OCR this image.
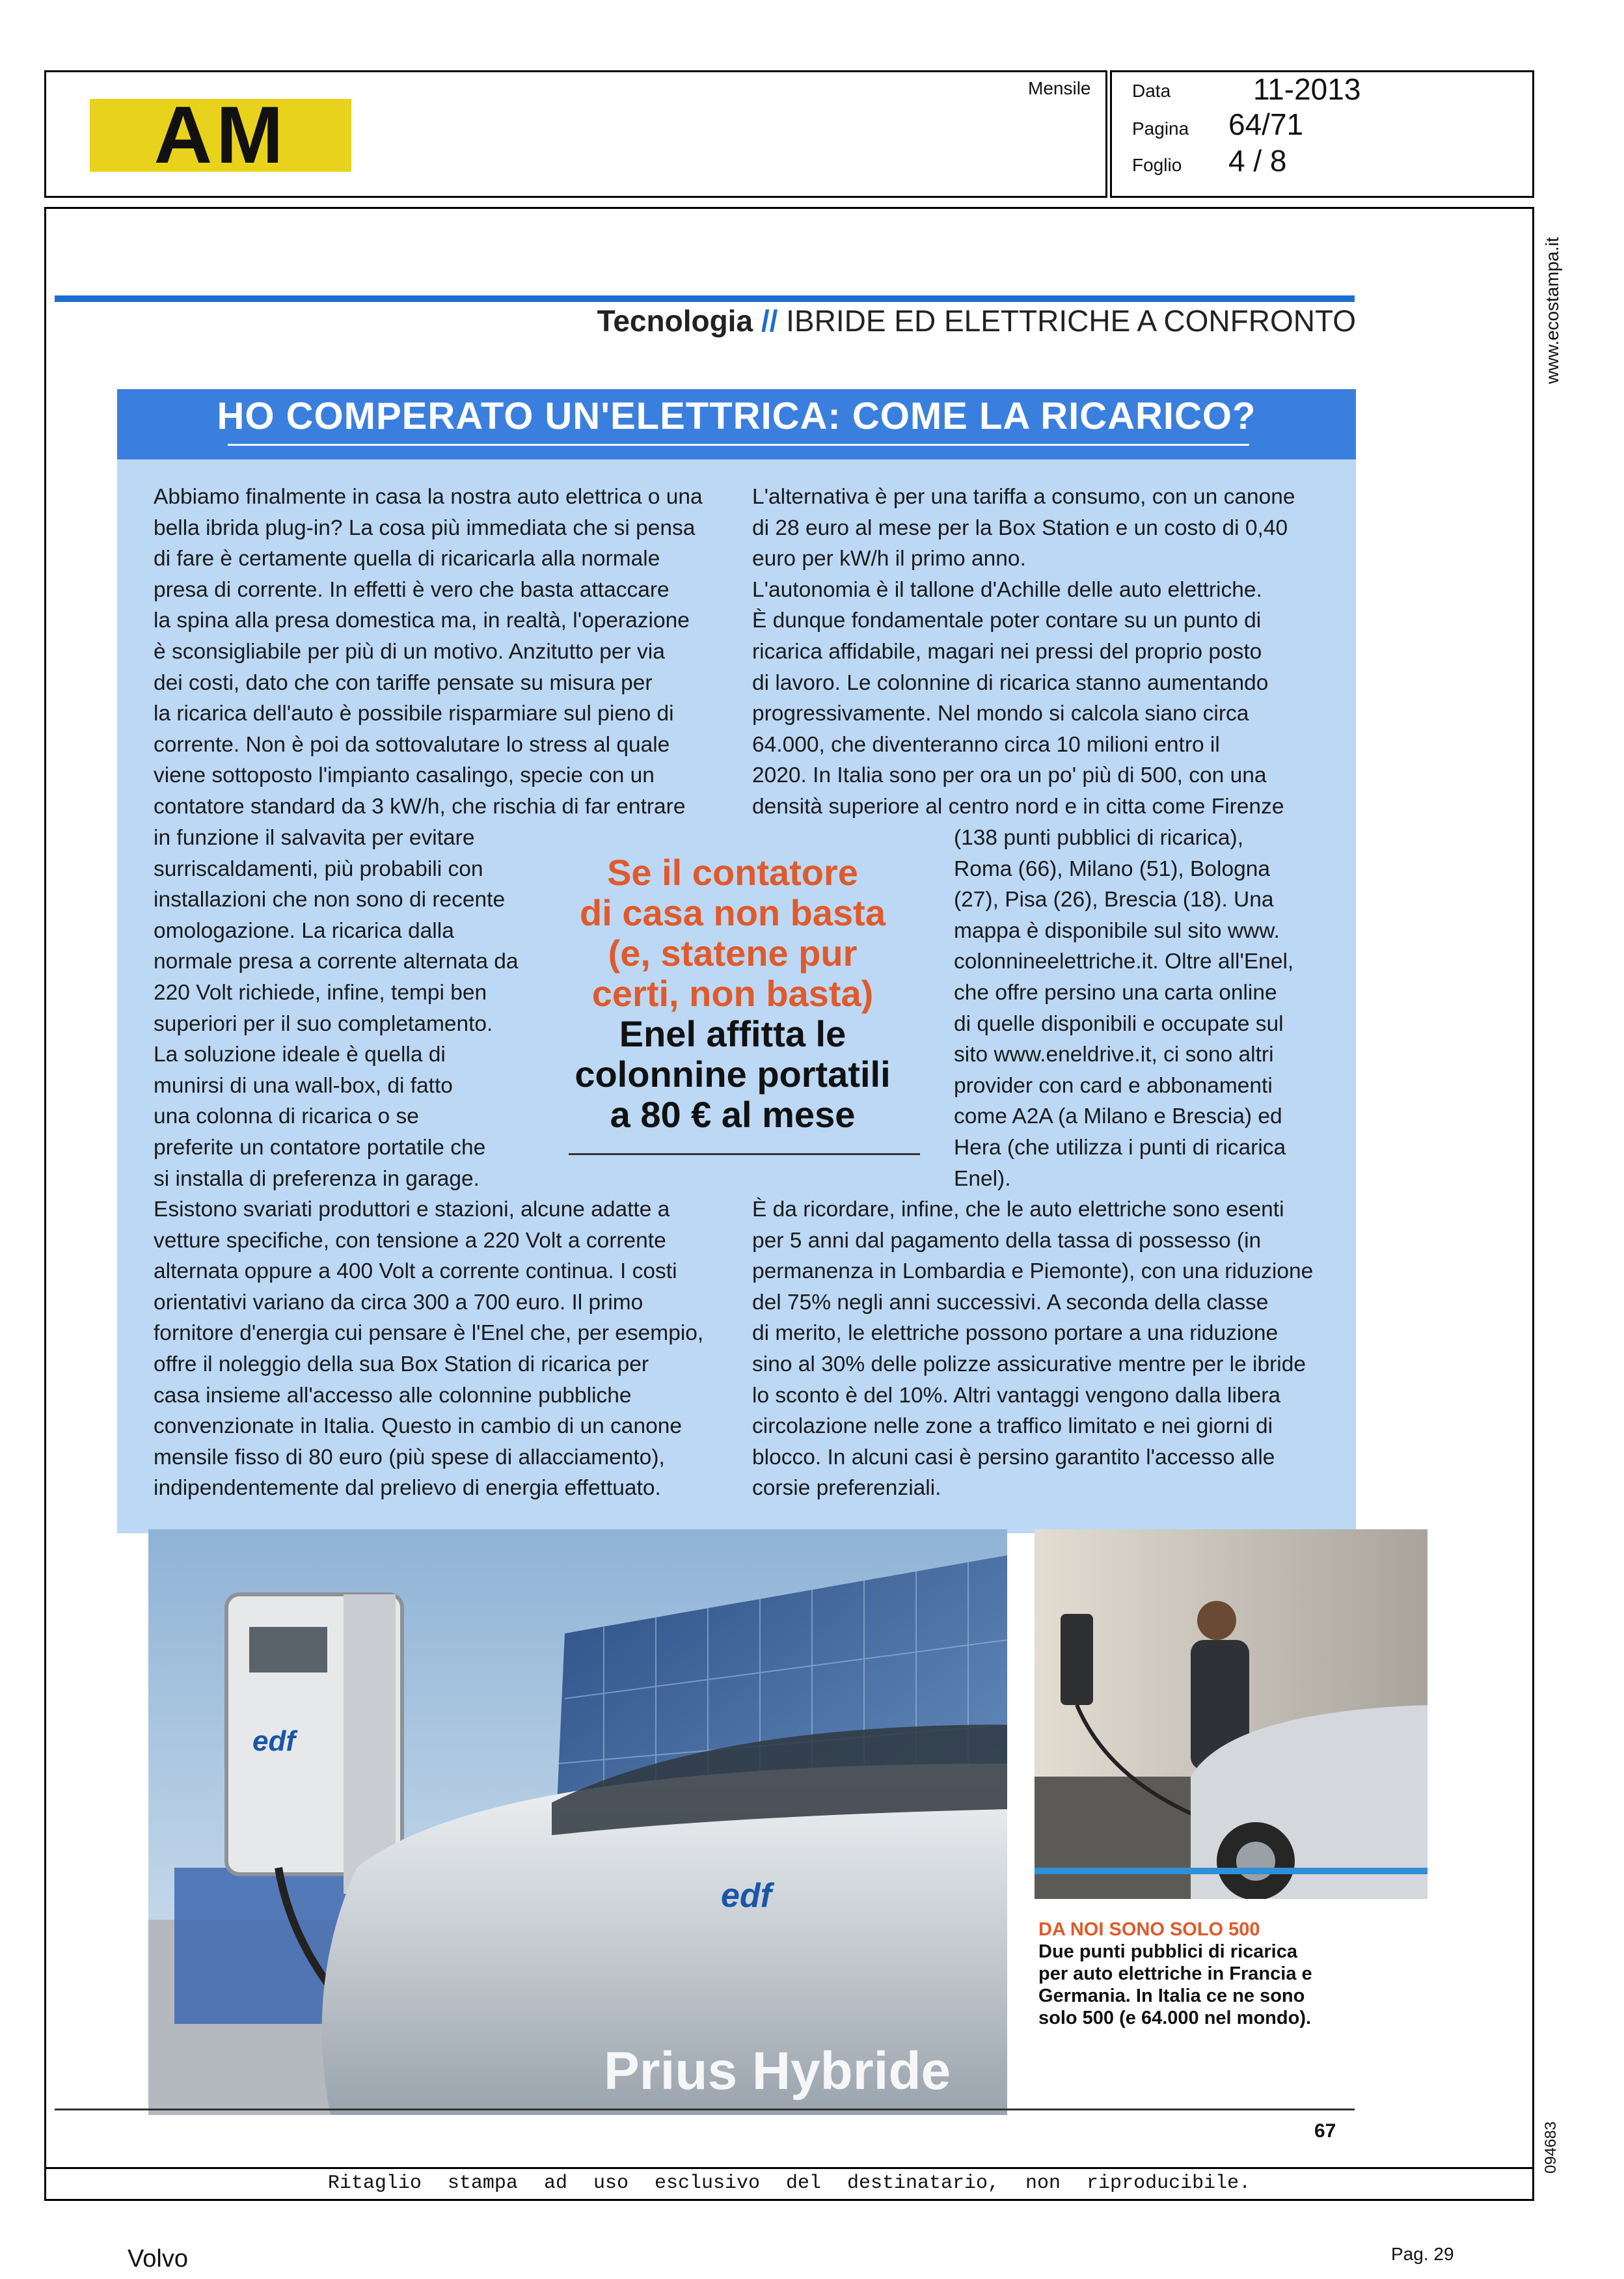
AM
Mensile Data	11-2013
Pagina 64/71
Foglio 4 / 8
www.ecostampa.it
094683
Tecnologia // IBRIDE ED ELETTRICHE A CONFRONTO
HO COMPERATO UN'ELETTRICA: COME LA RICARICO?
Abbiamo finalmente in casa la nostra auto elettrica o una
bella ibrida plug-in? La cosa più immediata che si pensa
di fare è certamente quella di ricaricarla alla normale
presa di corrente. In effetti è vero che basta attaccare
la spina alla presa domestica ma, in realtà, l'operazione
è sconsigliabile per più di un motivo. Anzitutto per via
dei costi, dato che con tariffe pensate su misura per
la ricarica dell'auto è possibile risparmiare sul pieno di
corrente. Non è poi da sottovalutare lo stress al quale
viene sottoposto l'impianto casalingo, specie con un
contatore standard da 3 kW/h, che rischia di far entrare
in funzione il salvavita per evitare
surriscaldamenti, più probabili con
installazioni che non sono di recente
omologazione. La ricarica dalla
normale presa a corrente alternata da
220 Volt richiede, infine, tempi ben
superiori per il suo completamento.
La soluzione ideale è quella di
munirsi di una wall-box, di fatto
una colonna di ricarica o se
preferite un contatore portatile che
si installa di preferenza in garage.
Esistono svariati produttori e stazioni, alcune adatte a
vetture specifiche, con tensione a 220 Volt a corrente
alternata oppure a 400 Volt a corrente continua. I costi
orientativi variano da circa 300 a 700 euro. Il primo
fornitore d'energia cui pensare è l'Enel che, per esempio,
offre il noleggio della sua Box Station di ricarica per
casa insieme all'accesso alle colonnine pubbliche
convenzionate in Italia. Questo in cambio di un canone
mensile fisso di 80 euro (più spese di allacciamento),
indipendentemente dal prelievo di energia effettuato.
L'alternativa è per una tariffa a consumo, con un canone
di 28 euro al mese per la Box Station e un costo di 0,40
euro per kW/h il primo anno.
L'autonomia è il tallone d'Achille delle auto elettriche.
È dunque fondamentale poter contare su un punto di
ricarica affidabile, magari nei pressi del proprio posto
di lavoro. Le colonnine di ricarica stanno aumentando
progressivamente. Nel mondo si calcola siano circa
64.000, che diventeranno circa 10 milioni entro il
2020. In Italia sono per ora un po' più di 500, con una
densità superiore al centro nord e in citta come Firenze
(138 punti pubblici di ricarica),
Roma (66), Milano (51), Bologna
(27), Pisa (26), Brescia (18). Una
mappa è disponibile sul sito www.
colonnineelettriche.it. Oltre all'Enel,
che offre persino una carta online
di quelle disponibili e occupate sul
sito www.eneldrive.it, ci sono altri
provider con card e abbonamenti
come A2A (a Milano e Brescia) ed
Hera (che utilizza i punti di ricarica
Enel).
È da ricordare, infine, che le auto elettriche sono esenti
per 5 anni dal pagamento della tassa di possesso (in
permanenza in Lombardia e Piemonte), con una riduzione
del 75% negli anni successivi. A seconda della classe
di merito, le elettriche possono portare a una riduzione
sino al 30% delle polizze assicurative mentre per le ibride
lo sconto è del 10%. Altri vantaggi vengono dalla libera
circolazione nelle zone a traffico limitato e nei giorni di
blocco. In alcuni casi è persino garantito l'accesso alle
corsie preferenziali.
Se il contatore
di casa non basta
(e, statene pur
certi, non basta)
Enel affitta le
colonnine portatili
a 80 € al mese
edf
edf
Prius Hybride
DA NOI SONO SOLO 500
Due punti pubblici di ricarica
per auto elettriche in Francia e
Germania. In Italia ce ne sono
solo 500 (e 64.000 nel mondo).
67
Ritaglio stampa ad uso esclusivo del destinatario, non riproducibile.
Volvo	Pag. 29
